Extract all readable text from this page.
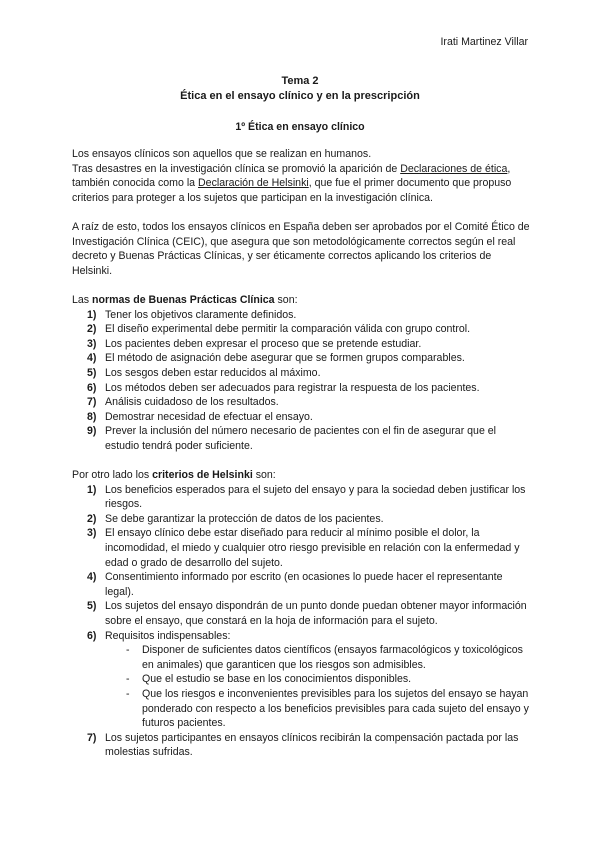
Irati Martinez Villar
Tema 2
Ética en el ensayo clínico y en la prescripción
1º Ética en ensayo clínico

Los ensayos clínicos son aquellos que se realizan en humanos.

Tras desastres en la investigación clínica se promovió la aparición de Declaraciones de ética, también conocida como la Declaración de Helsinki, que fue el primer documento que propuso criterios para proteger a los sujetos que participan en la investigación clínica.

A raíz de esto, todos los ensayos clínicos en España deben ser aprobados por el Comité Ético de Investigación Clínica (CEIC), que asegura que son metodológicamente correctos según el real decreto y Buenas Prácticas Clínicas, y ser éticamente correctos aplicando los criterios de Helsinki.

Las normas de Buenas Prácticas Clínica son:

1) Tener los objetivos claramente definidos.
2) El diseño experimental debe permitir la comparación válida con grupo control.
3) Los pacientes deben expresar el proceso que se pretende estudiar.
4) El método de asignación debe asegurar que se formen grupos comparables.
5) Los sesgos deben estar reducidos al máximo.
6) Los métodos deben ser adecuados para registrar la respuesta de los pacientes.
7) Análisis cuidadoso de los resultados.
8) Demostrar necesidad de efectuar el ensayo.
9) Prever la inclusión del número necesario de pacientes con el fin de asegurar que el estudio tendrá poder suficiente.

Por otro lado los criterios de Helsinki son:

1) Los beneficios esperados para el sujeto del ensayo y para la sociedad deben justificar los riesgos.
2) Se debe garantizar la protección de datos de los pacientes.
3) El ensayo clínico debe estar diseñado para reducir al mínimo posible el dolor, la incomodidad, el miedo y cualquier otro riesgo previsible en relación con la enfermedad y edad o grado de desarrollo del sujeto.
4) Consentimiento informado por escrito (en ocasiones lo puede hacer el representante legal).
5) Los sujetos del ensayo dispondrán de un punto donde puedan obtener mayor información sobre el ensayo, que constará en la hoja de información para el sujeto.
6) Requisitos indispensables:
- Disponer de suficientes datos científicos (ensayos farmacológicos y toxicológicos en animales) que garanticen que los riesgos son admisibles.
- Que el estudio se base en los conocimientos disponibles.
- Que los riesgos e inconvenientes previsibles para los sujetos del ensayo se hayan ponderado con respecto a los beneficios previsibles para cada sujeto del ensayo y futuros pacientes.
7) Los sujetos participantes en ensayos clínicos recibirán la compensación pactada por las molestias sufridas.
